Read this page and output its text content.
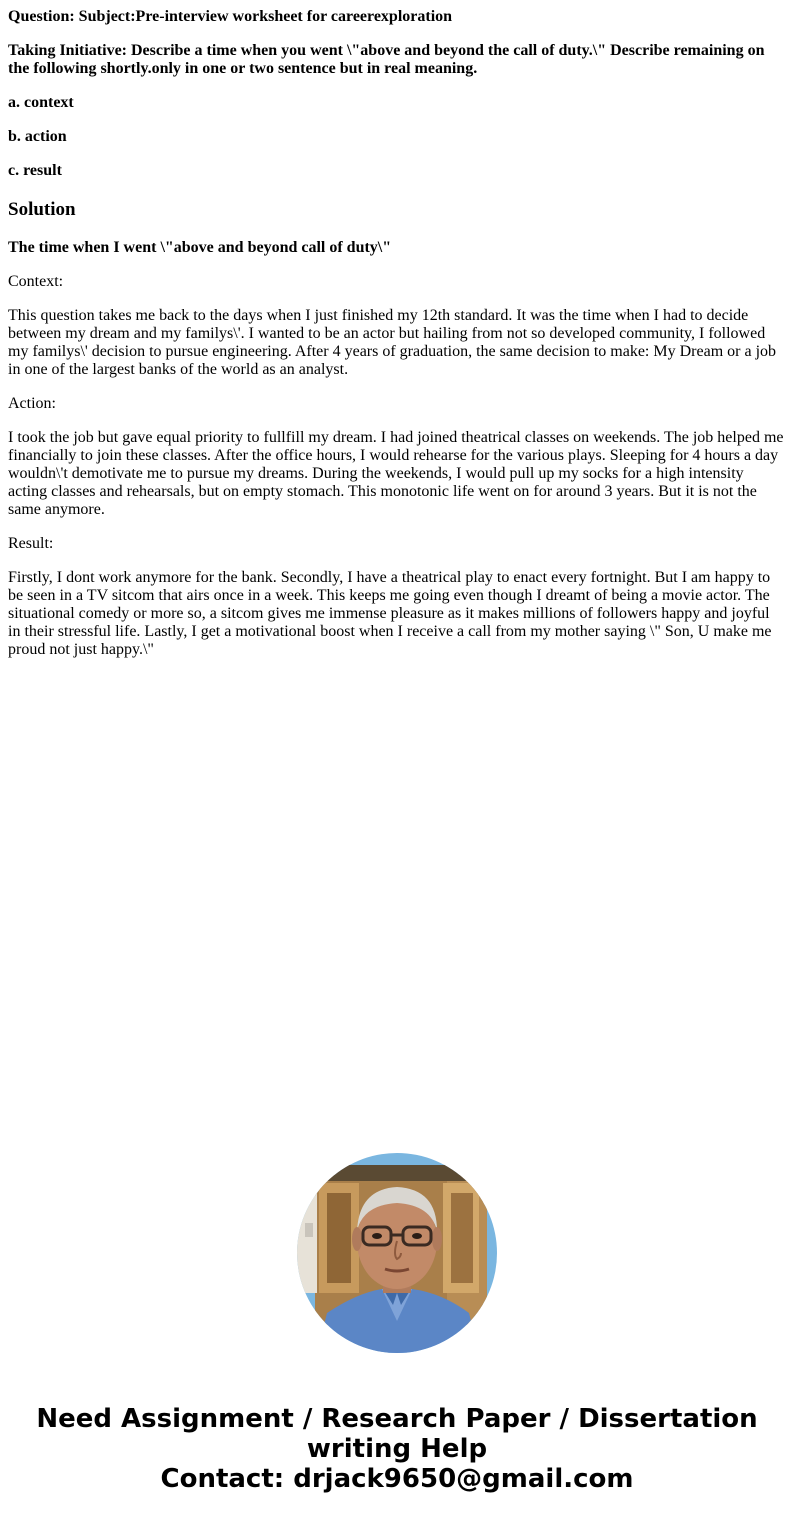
Question: Subject:Pre-interview worksheet for careerexploration

Taking Initiative: Describe a time when you went \"above and beyond the call of duty.\" Describe remaining on the following shortly.only in one or two sentence but in real meaning.

a. context

b. action

c. result

Solution

The time when I went \"above and beyond call of duty\"

Context:

This question takes me back to the days when I just finished my 12th standard. It was the time when I had to decide between my dream and my familys\'. I wanted to be an actor but hailing from not so developed community, I followed my familys\' decision to pursue engineering. After 4 years of graduation, the same decision to make: My Dream or a job in one of the largest banks of the world as an analyst.

Action:

I took the job but gave equal priority to fullfill my dream. I had joined theatrical classes on weekends. The job helped me financially to join these classes. After the office hours, I would rehearse for the various plays. Sleeping for 4 hours a day wouldn\'t demotivate me to pursue my dreams. During the weekends, I would pull up my socks for a high intensity acting classes and rehearsals, but on empty stomach. This monotonic life went on for around 3 years. But it is not the same anymore.

Result:

Firstly, I dont work anymore for the bank. Secondly, I have a theatrical play to enact every fortnight. But I am happy to be seen in a TV sitcom that airs once in a week. This keeps me going even though I dreamt of being a movie actor. The situational comedy or more so, a sitcom gives me immense pleasure as it makes millions of followers happy and joyful in their stressful life. Lastly, I get a motivational boost when I receive a call from my mother saying \" Son, U make me proud not just happy.\"

Need Assignment / Research Paper / Dissertation
writing Help
Contact: drjack9650@gmail.com
